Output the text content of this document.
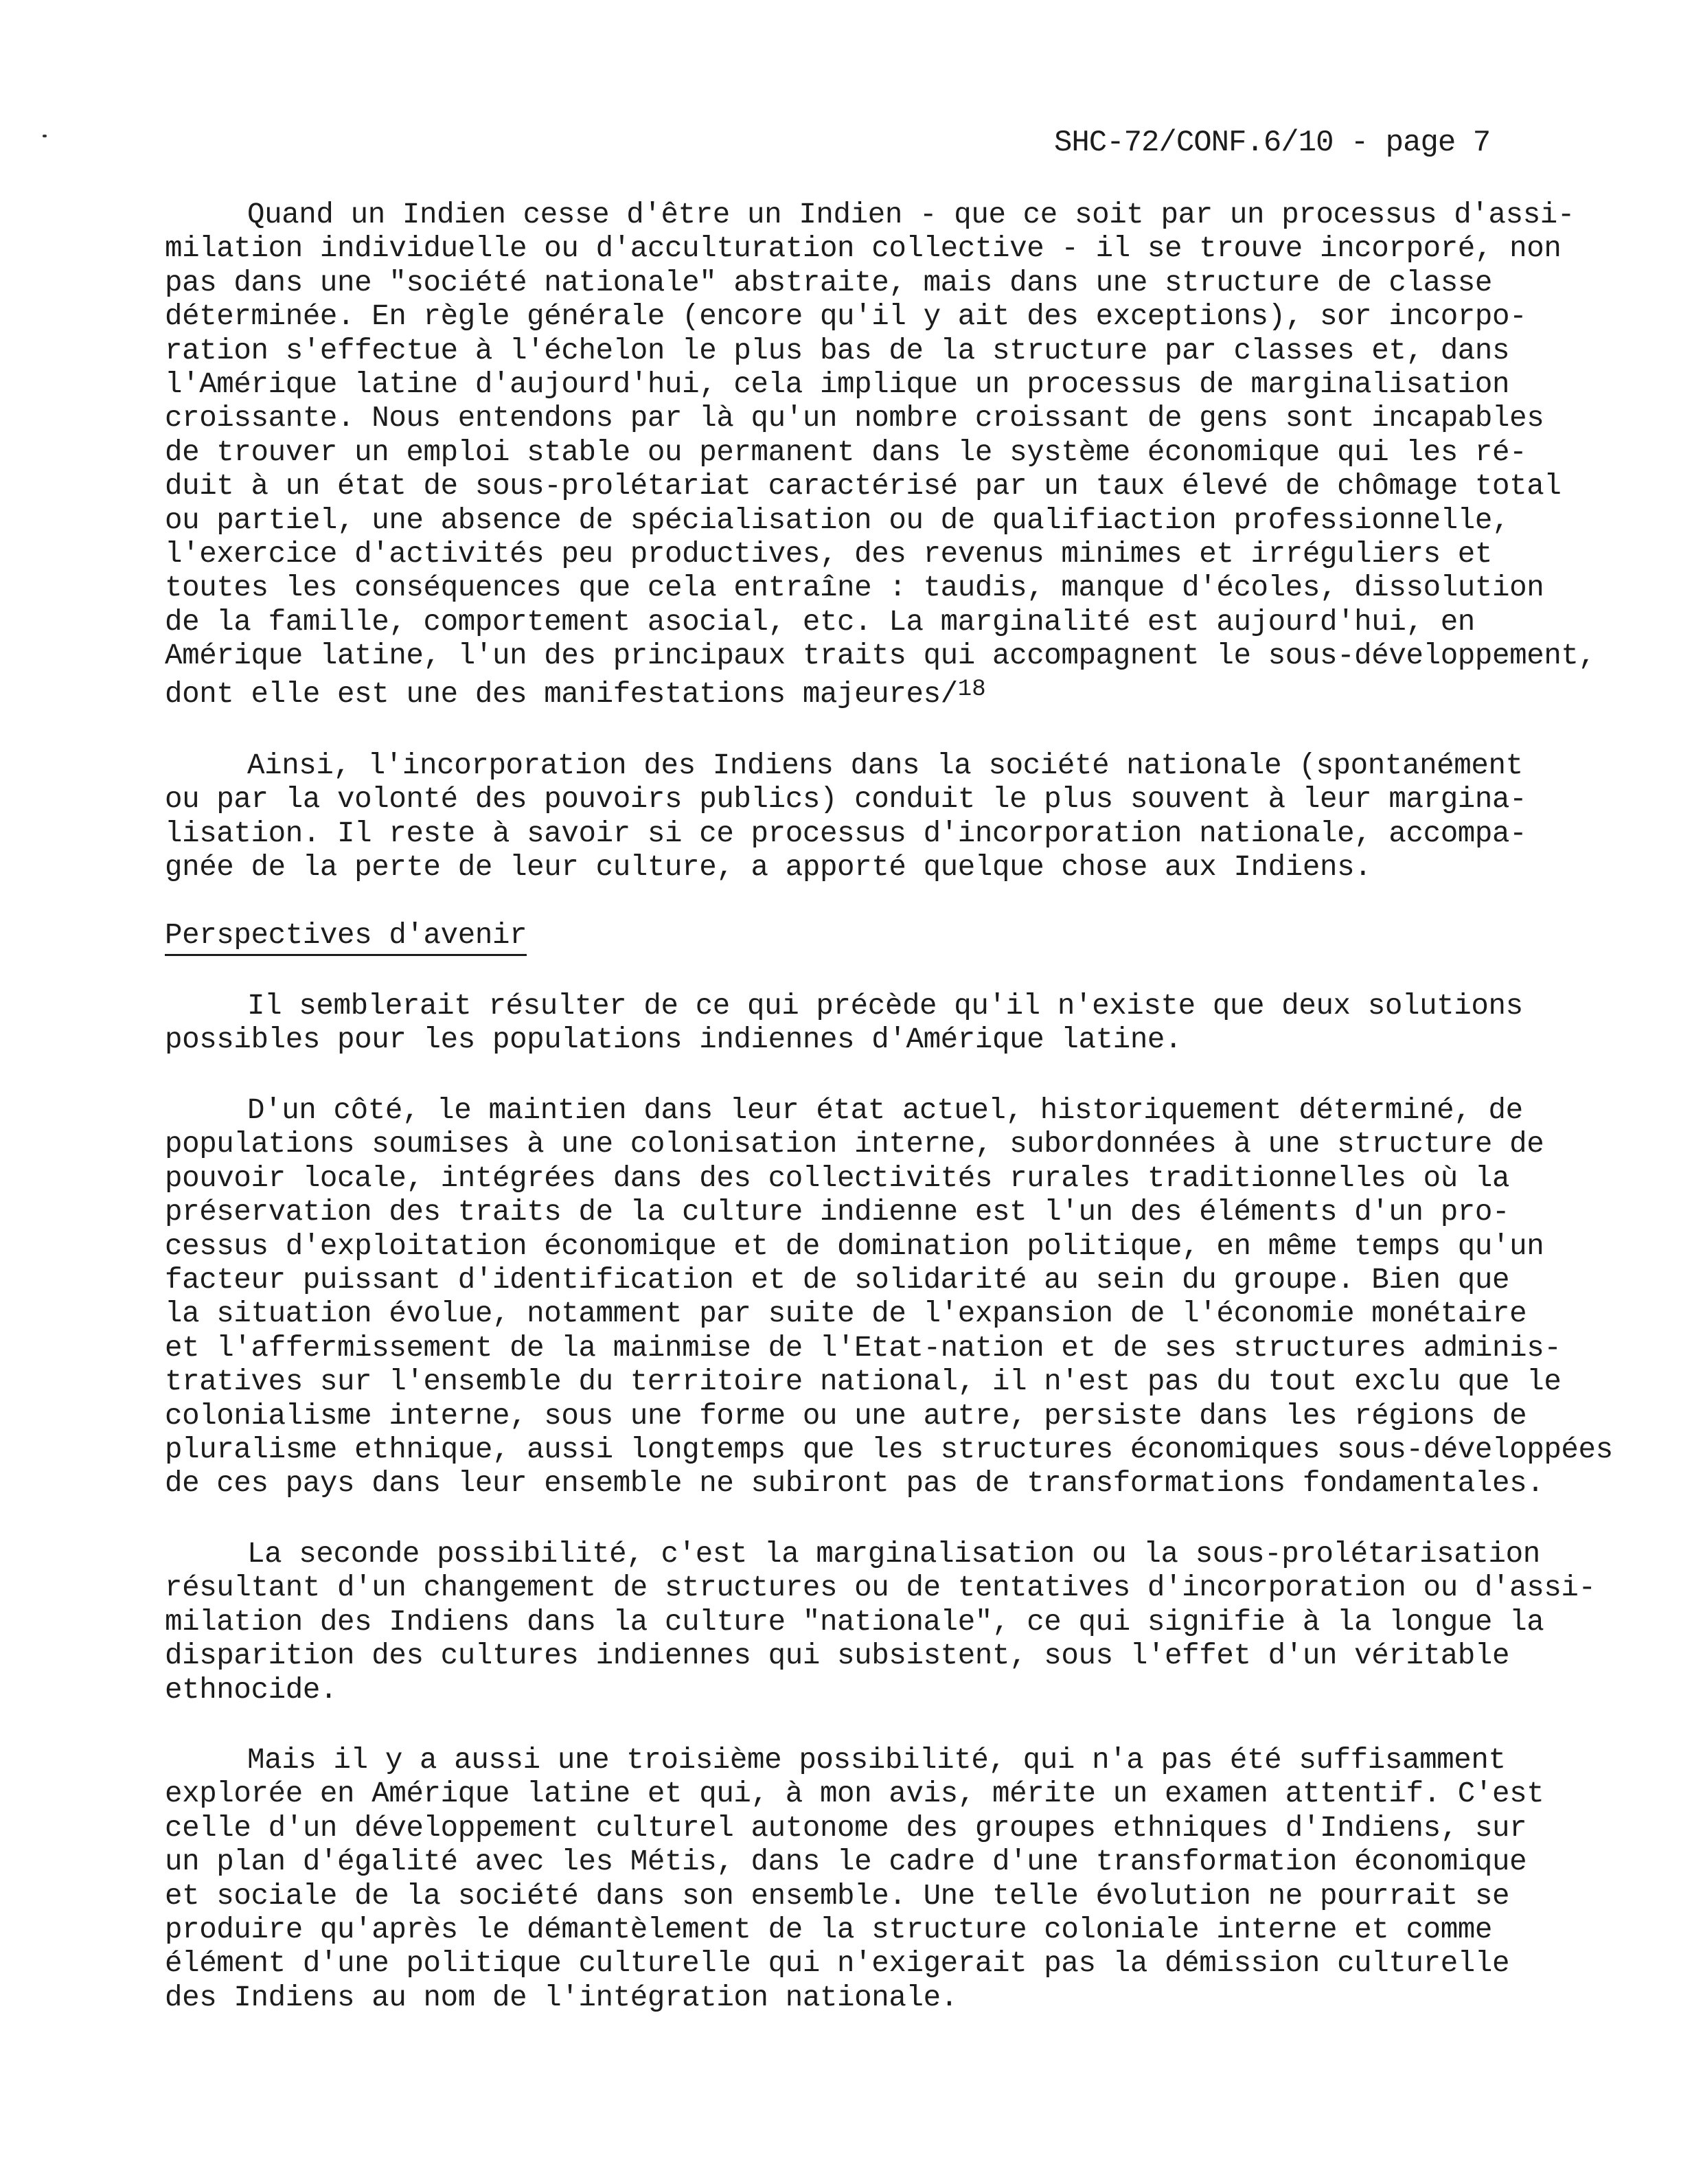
SHC-72/CONF.6/10 - page 7
Quand un Indien cesse d'être un Indien - que ce soit par un processus d'assi-
milation individuelle ou d'acculturation collective - il se trouve incorporé, non
pas dans une "société nationale" abstraite, mais dans une structure de classe
déterminée. En règle générale (encore qu'il y ait des exceptions), sor incorpo-
ration s'effectue à l'échelon le plus bas de la structure par classes et, dans
l'Amérique latine d'aujourd'hui, cela implique un processus de marginalisation
croissante. Nous entendons par là qu'un nombre croissant de gens sont incapables
de trouver un emploi stable ou permanent dans le système économique qui les ré-
duit à un état de sous-prolétariat caractérisé par un taux élevé de chômage total
ou partiel, une absence de spécialisation ou de qualifiaction professionnelle,
l'exercice d'activités peu productives, des revenus minimes et irréguliers et
toutes les conséquences que cela entraîne : taudis, manque d'écoles, dissolution
de la famille, comportement asocial, etc. La marginalité est aujourd'hui, en
Amérique latine, l'un des principaux traits qui accompagnent le sous-développement,
dont elle est une des manifestations majeures/$^{18}$
Ainsi, l'incorporation des Indiens dans la société nationale (spontanément
ou par la volonté des pouvoirs publics) conduit le plus souvent à leur margina-
lisation. Il reste à savoir si ce processus d'incorporation nationale, accompa-
gnée de la perte de leur culture, a apporté quelque chose aux Indiens.
Perspectives d'avenir
Il semblerait résulter de ce qui précède qu'il n'existe que deux solutions
possibles pour les populations indiennes d'Amérique latine.
D'un côté, le maintien dans leur état actuel, historiquement déterminé, de
populations soumises à une colonisation interne, subordonnées à une structure de
pouvoir locale, intégrées dans des collectivités rurales traditionnelles où la
préservation des traits de la culture indienne est l'un des éléments d'un pro-
cessus d'exploitation économique et de domination politique, en même temps qu'un
facteur puissant d'identification et de solidarité au sein du groupe. Bien que
la situation évolue, notamment par suite de l'expansion de l'économie monétaire
et l'affermissement de la mainmise de l'Etat-nation et de ses structures adminis-
tratives sur l'ensemble du territoire national, il n'est pas du tout exclu que le
colonialisme interne, sous une forme ou une autre, persiste dans les régions de
pluralisme ethnique, aussi longtemps que les structures économiques sous-développées
de ces pays dans leur ensemble ne subiront pas de transformations fondamentales.
La seconde possibilité, c'est la marginalisation ou la sous-prolétarisation
résultant d'un changement de structures ou de tentatives d'incorporation ou d'assi-
milation des Indiens dans la culture "nationale", ce qui signifie à la longue la
disparition des cultures indiennes qui subsistent, sous l'effet d'un véritable
ethnocide.
Mais il y a aussi une troisième possibilité, qui n'a pas été suffisamment
explorée en Amérique latine et qui, à mon avis, mérite un examen attentif. C'est
celle d'un développement culturel autonome des groupes ethniques d'Indiens, sur
un plan d'égalité avec les Métis, dans le cadre d'une transformation économique
et sociale de la société dans son ensemble. Une telle évolution ne pourrait se
produire qu'après le démantèlement de la structure coloniale interne et comme
élément d'une politique culturelle qui n'exigerait pas la démission culturelle
des Indiens au nom de l'intégration nationale.
